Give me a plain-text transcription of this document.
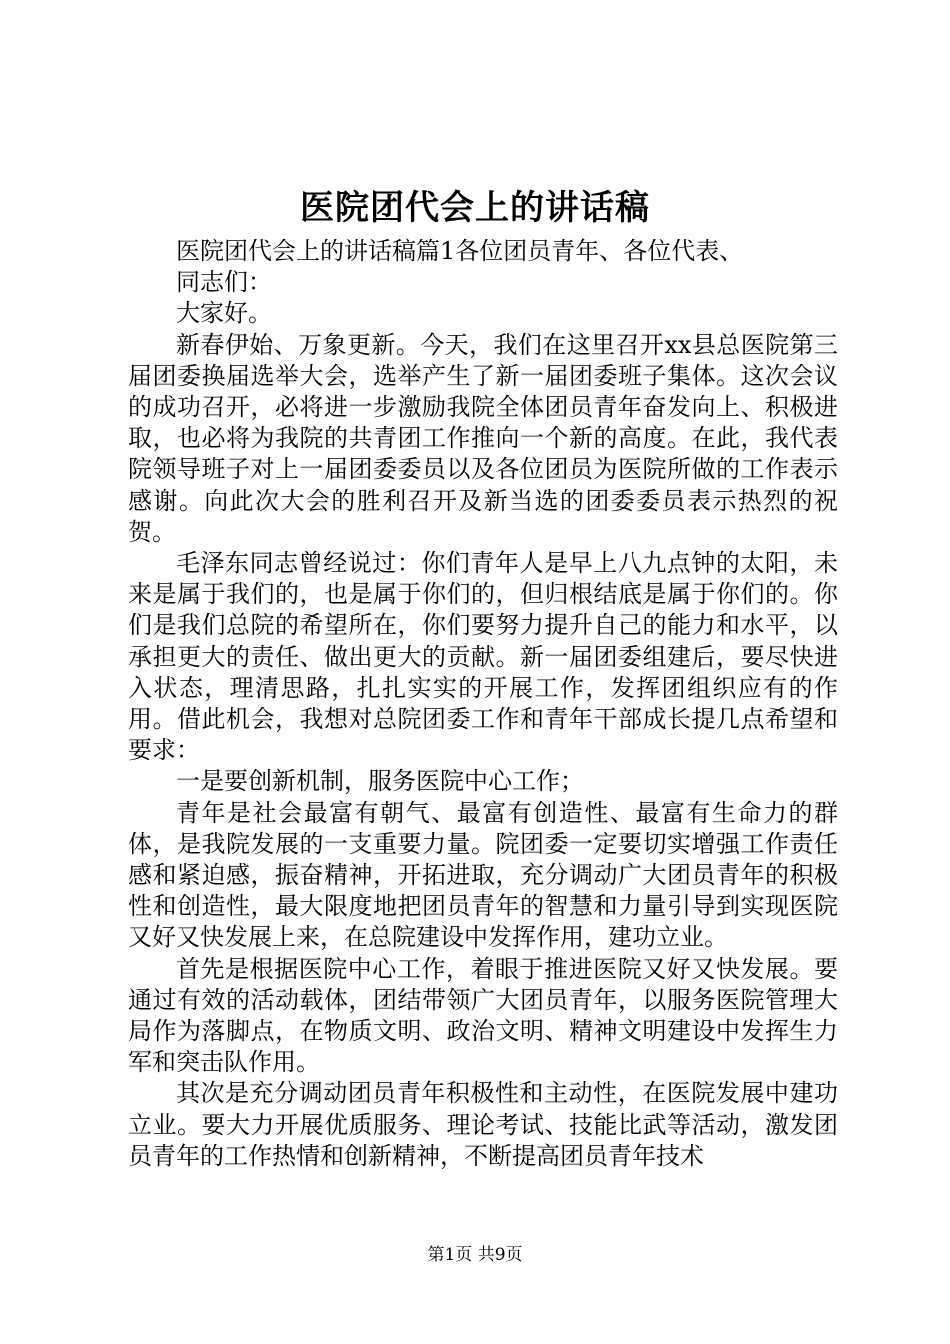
医院团代会上的讲话稿

医院团代会上的讲话稿篇1各位团员青年、各位代表、

同志们：

大家好。

新春伊始、万象更新。今天，我们在这里召开xx县总医院第三届团委换届选举大会，选举产生了新一届团委班子集体。这次会议的成功召开，必将进一步激励我院全体团员青年奋发向上、积极进取，也必将为我院的共青团工作推向一个新的高度。在此，我代表院领导班子对上一届团委委员以及各位团员为医院所做的工作表示感谢。向此次大会的胜利召开及新当选的团委委员表示热烈的祝贺。

毛泽东同志曾经说过：你们青年人是早上八九点钟的太阳，未来是属于我们的，也是属于你们的，但归根结底是属于你们的。你们是我们总院的希望所在，你们要努力提升自己的能力和水平，以承担更大的责任、做出更大的贡献。新一届团委组建后，要尽快进入状态，理清思路，扎扎实实的开展工作，发挥团组织应有的作用。借此机会，我想对总院团委工作和青年干部成长提几点希望和要求：

一是要创新机制，服务医院中心工作；

青年是社会最富有朝气、最富有创造性、最富有生命力的群体，是我院发展的一支重要力量。院团委一定要切实增强工作责任感和紧迫感，振奋精神，开拓进取，充分调动广大团员青年的积极性和创造性，最大限度地把团员青年的智慧和力量引导到实现医院又好又快发展上来，在总院建设中发挥作用，建功立业。

首先是根据医院中心工作，着眼于推进医院又好又快发展。要通过有效的活动载体，团结带领广大团员青年，以服务医院管理大局作为落脚点，在物质文明、政治文明、精神文明建设中发挥生力军和突击队作用。

其次是充分调动团员青年积极性和主动性，在医院发展中建功立业。要大力开展优质服务、理论考试、技能比武等活动，激发团员青年的工作热情和创新精神，不断提高团员青年技术

第1页 共9页
